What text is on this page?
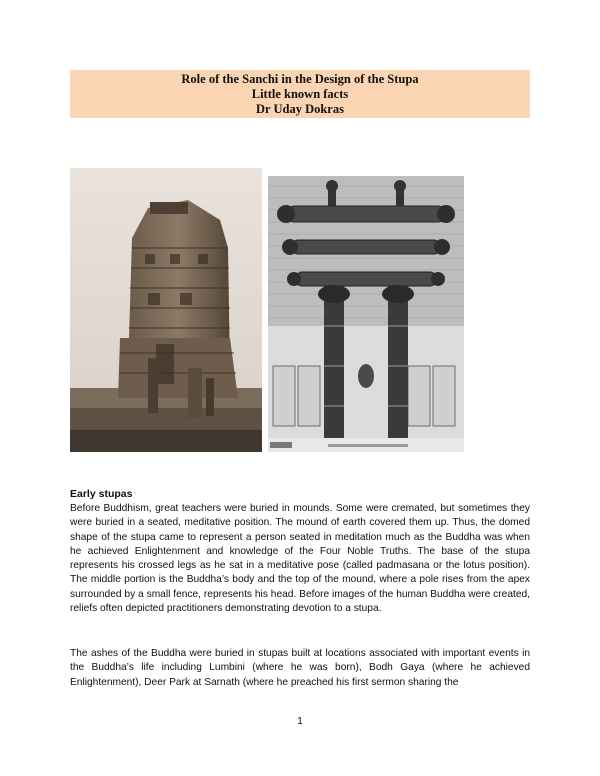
Role of the Sanchi in the Design of the Stupa
Little known facts
Dr Uday Dokras
Early stupas

Before Buddhism, great teachers were buried in mounds. Some were cremated, but sometimes they were buried in a seated, meditative position. The mound of earth covered them up. Thus, the domed shape of the stupa came to represent a person seated in meditation much as the Buddha was when he achieved Enlightenment and knowledge of the Four Noble Truths. The base of the stupa represents his crossed legs as he sat in a meditative pose (called padmasana or the lotus position). The middle portion is the Buddha’s body and the top of the mound, where a pole rises from the apex surrounded by a small fence, represents his head. Before images of the human Buddha were created, reliefs often depicted practitioners demonstrating devotion to a stupa.

The ashes of the Buddha were buried in stupas built at locations associated with important events in the Buddha’s life including Lumbini (where he was born), Bodh Gaya (where he achieved Enlightenment), Deer Park at Sarnath (where he preached his first sermon sharing the

1
